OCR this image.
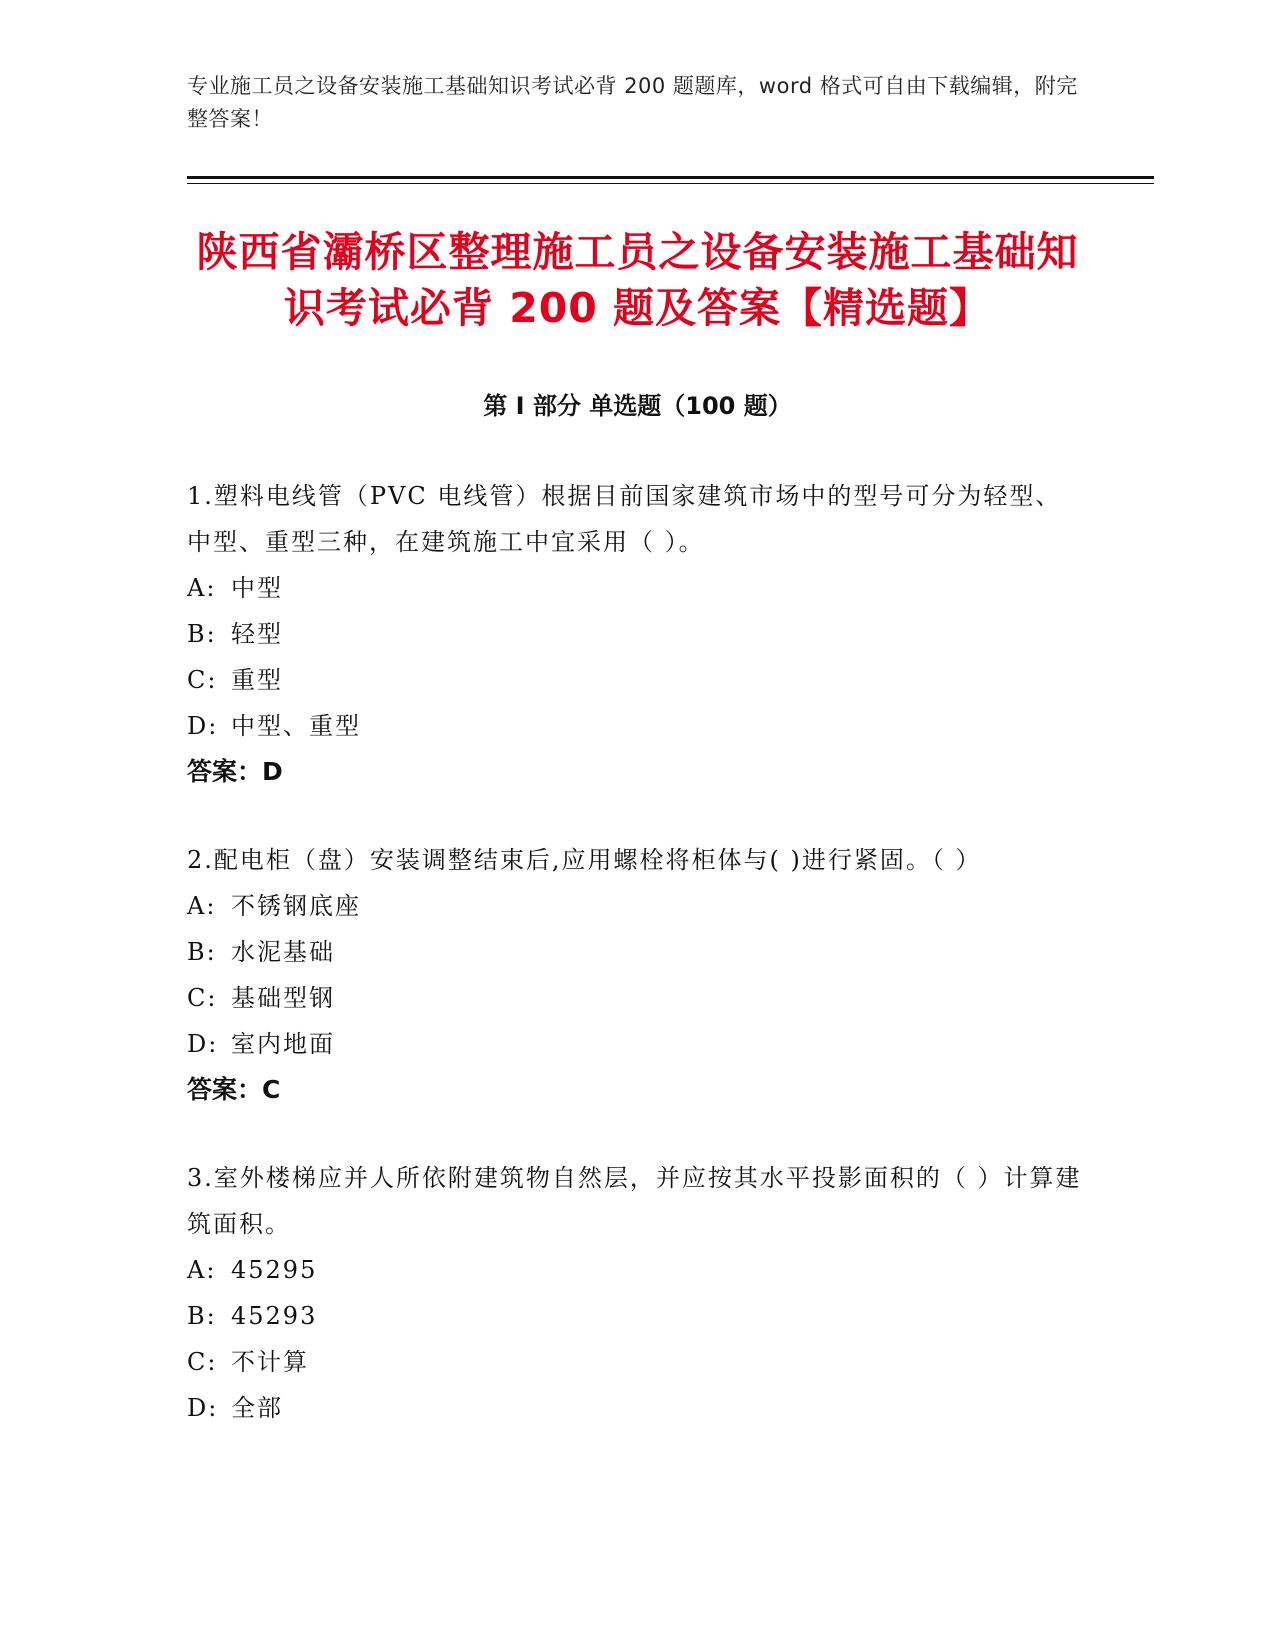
专业施工员之设备安装施工基础知识考试必背 200 题题库，word 格式可自由下载编辑，附完整答案！
陕西省灞桥区整理施工员之设备安装施工基础知识考试必背 200 题及答案【精选题】
第 I 部分 单选题（100 题）

1.塑料电线管（PVC 电线管）根据目前国家建筑市场中的型号可分为轻型、中型、重型三种，在建筑施工中宜采用（ ）。

A: 中型
B: 轻型
C: 重型
D: 中型、重型
答案：D

2.配电柜（盘）安装调整结束后,应用螺栓将柜体与( )进行紧固。（ ）

A: 不锈钢底座
B: 水泥基础
C: 基础型钢
D: 室内地面
答案：C

3.室外楼梯应并人所依附建筑物自然层，并应按其水平投影面积的（ ）计算建筑面积。

A: 45295
B: 45293
C: 不计算
D: 全部
